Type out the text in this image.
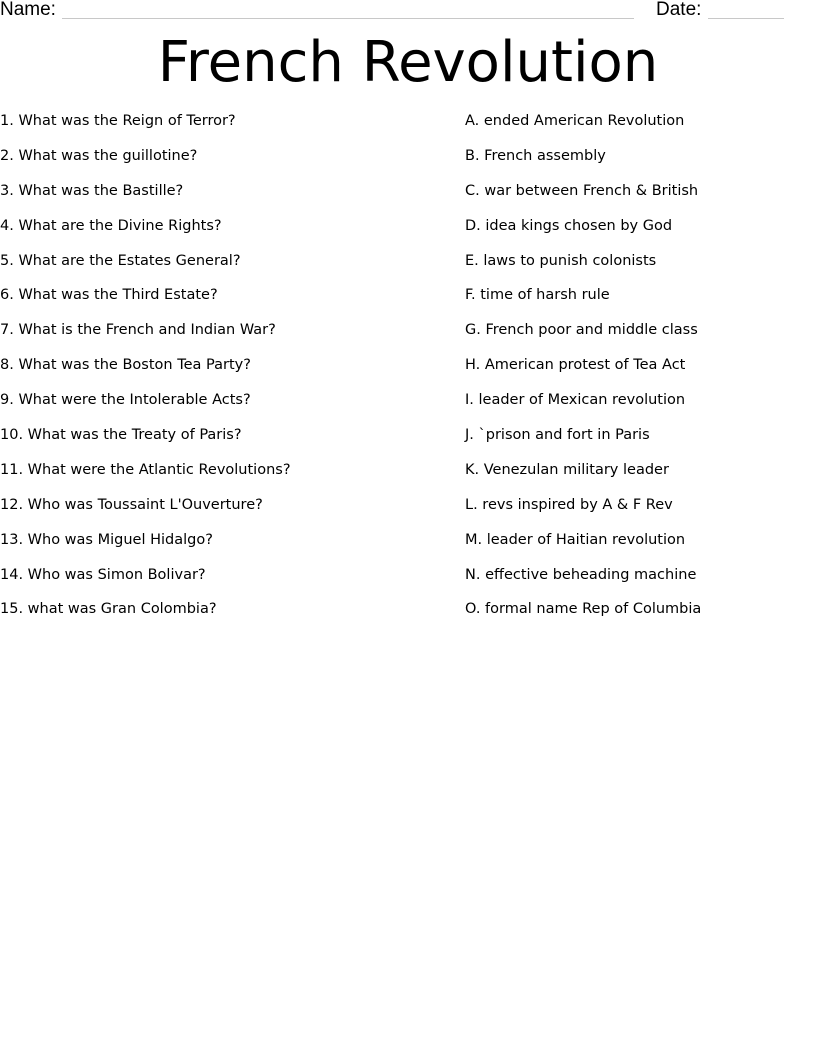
Name:	Date:
French Revolution
1. What was the Reign of Terror?
2. What was the guillotine?
3. What was the Bastille?
4. What are the Divine Rights?
5. What are the Estates General?
6. What was the Third Estate?
7. What is the French and Indian War?
8. What was the Boston Tea Party?
9. What were the Intolerable Acts?
10. What was the Treaty of Paris?
11. What were the Atlantic Revolutions?
12. Who was Toussaint L'Ouverture?
13. Who was Miguel Hidalgo?
14. Who was Simon Bolivar?
15. what was Gran Colombia?
A. ended American Revolution
B. French assembly
C. war between French & British
D. idea kings chosen by God
E. laws to punish colonists
F. time of harsh rule
G. French poor and middle class
H. American protest of Tea Act
I. leader of Mexican revolution
J. `prison and fort in Paris
K. Venezulan military leader
L. revs inspired by A & F Rev
M. leader of Haitian revolution
N. effective beheading machine
O. formal name Rep of Columbia
